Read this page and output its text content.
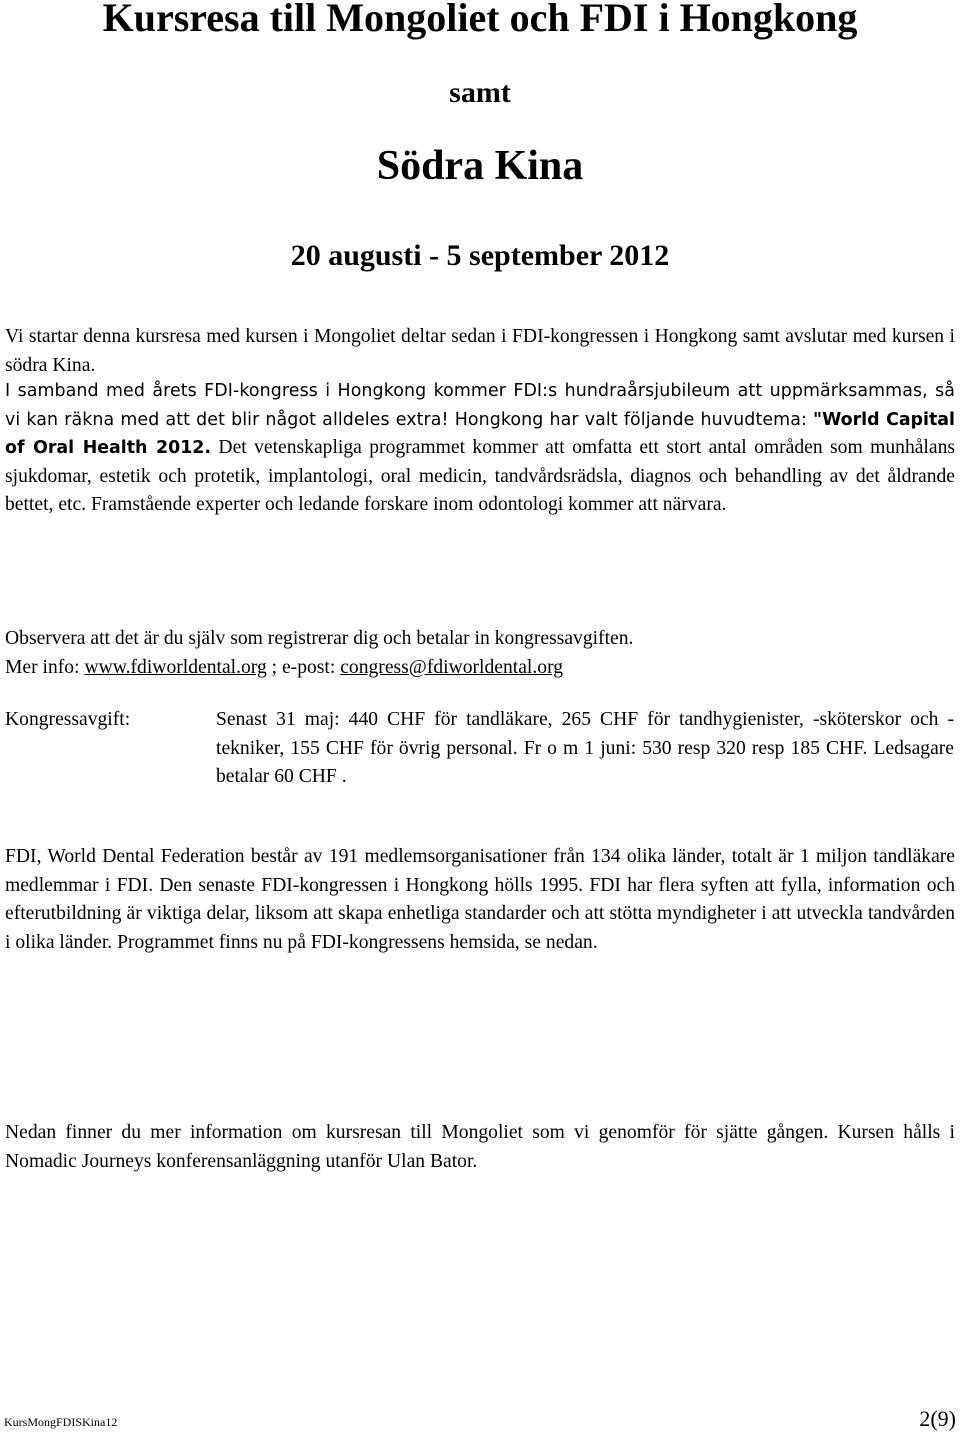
Kursresa till Mongoliet och FDI i Hongkong
samt
Södra Kina
20 augusti - 5 september 2012
Vi startar denna kursresa med kursen i Mongoliet deltar sedan i FDI-kongressen i Hongkong samt avslutar med kursen i södra Kina.
I samband med årets FDI-kongress i Hongkong kommer FDI:s hundraårsjubileum att uppmärksammas, så vi kan räkna med att det blir något alldeles extra! Hongkong har valt följande huvudtema: "World Capital of Oral Health 2012. Det vetenskapliga programmet kommer att omfatta ett stort antal områden som munhålans sjukdomar, estetik och protetik, implantologi, oral medicin, tandvårdsrädsla, diagnos och behandling av det åldrande bettet, etc. Framstående experter och ledande forskare inom odontologi kommer att närvara.
Observera att det är du själv som registrerar dig och betalar in kongressavgiften.
Mer info: www.fdiworldental.org ; e-post: congress@fdiworldental.org
Kongressavgift:	Senast 31 maj: 440 CHF för tandläkare, 265 CHF för tandhygienister, -sköterskor och -tekniker, 155 CHF för övrig personal. Fr o m 1 juni: 530 resp 320 resp 185 CHF. Ledsagare betalar 60 CHF .
FDI, World Dental Federation består av 191 medlemsorganisationer från 134 olika länder, totalt är 1 miljon tandläkare medlemmar i FDI. Den senaste FDI-kongressen i Hongkong hölls 1995. FDI har flera syften att fylla, information och efterutbildning är viktiga delar, liksom att skapa enhetliga standarder och att stötta myndigheter i att utveckla tandvården i olika länder. Programmet finns nu på FDI-kongressens hemsida, se nedan.
Nedan finner du mer information om kursresan till Mongoliet som vi genomför för sjätte gången. Kursen hålls i Nomadic Journeys konferensanläggning utanför Ulan Bator.
KursMongFDISKina12	2(9)
